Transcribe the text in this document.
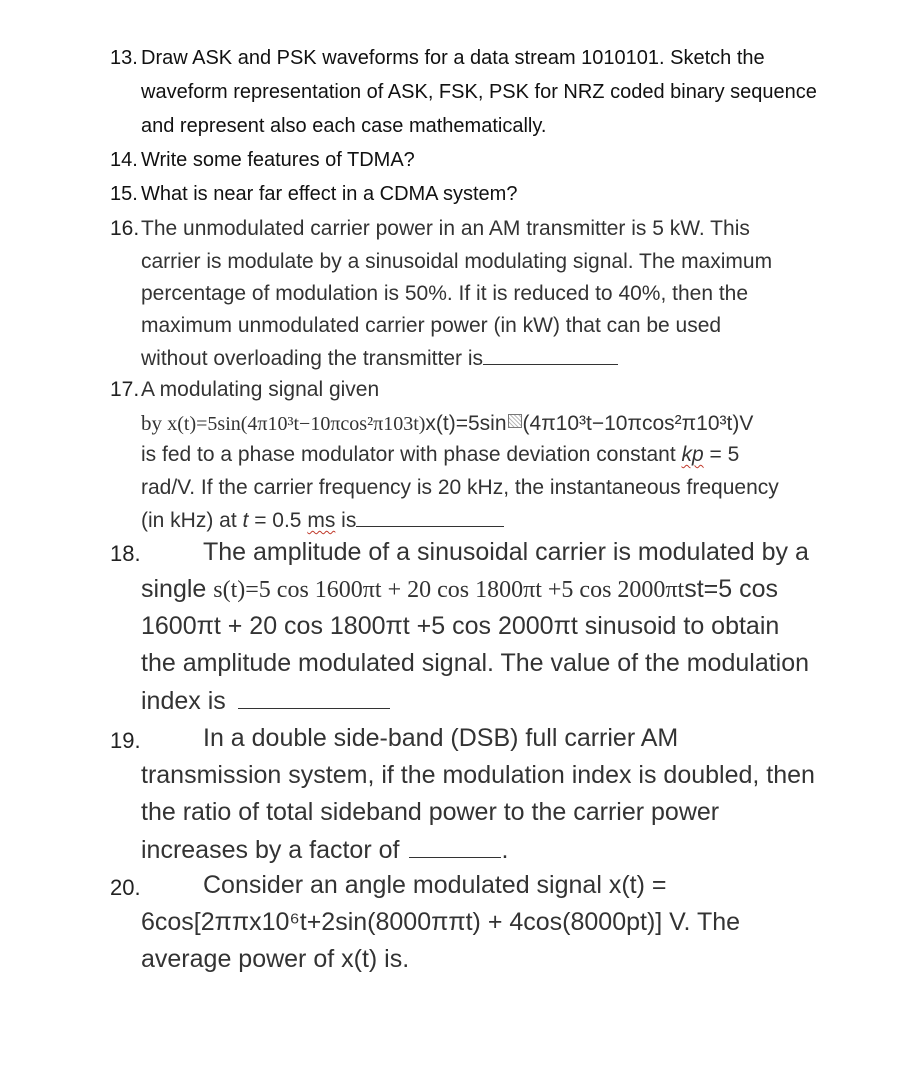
13. Draw ASK and PSK waveforms for a data stream 1010101. Sketch the
waveform representation of ASK, FSK, PSK for NRZ coded binary sequence
and represent also each case mathematically.
14. Write some features of TDMA?
15. What is near far effect in a CDMA system?
16. The unmodulated carrier power in an AM transmitter is 5 kW. This
carrier is modulate by a sinusoidal modulating signal. The maximum
percentage of modulation is 50%. If it is reduced to 40%, then the
maximum unmodulated carrier power (in kW) that can be used
without overloading the transmitter is
17. A modulating signal given
by x(t)=5sin(4π10³t−10πcos²π103t)x(t)=5sin (4π10³t−10πcos²π10³t)V
is fed to a phase modulator with phase deviation constant kp = 5
rad/V. If the carrier frequency is 20 kHz, the instantaneous frequency
(in kHz) at t = 0.5 ms is
18. The amplitude of a sinusoidal carrier is modulated by a
single s(t)=5 cos 1600πt + 20 cos 1800πt +5 cos 2000πtst=5 cos
1600πt + 20 cos 1800πt +5 cos 2000πt sinusoid to obtain
the amplitude modulated signal. The value of the modulation
index is
19. In a double side-band (DSB) full carrier AM
transmission system, if the modulation index is doubled, then
the ratio of total sideband power to the carrier power
increases by a factor of	.
20. Consider an angle modulated signal x(t) =
6cos[2ππx10⁶t+2sin(8000ππt) + 4cos(8000pt)] V. The
average power of x(t) is.
